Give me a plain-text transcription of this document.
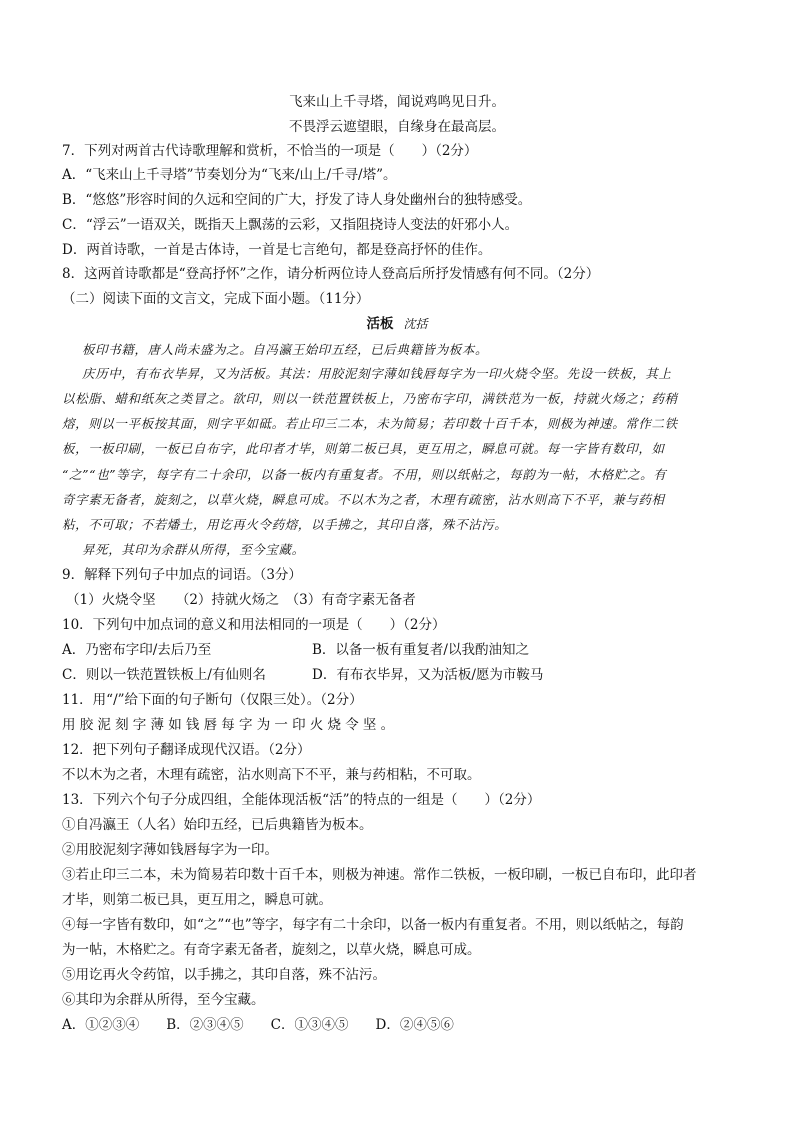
飞来山上千寻塔，闻说鸡鸣见日升。
不畏浮云遮望眼，自缘身在最高层。
7．下列对两首古代诗歌理解和赏析，不恰当的一项是（　　）（2分）
A．“飞来山上千寻塔”节奏划分为“飞来/山上/千寻/塔”。
B．“悠悠”形容时间的久远和空间的广大，抒发了诗人身处幽州台的独特感受。
C．“浮云”一语双关，既指天上飘荡的云彩，又指阻挠诗人变法的奸邪小人。
D．两首诗歌，一首是古体诗，一首是七言绝句，都是登高抒怀的佳作。
8．这两首诗歌都是“登高抒怀”之作，请分析两位诗人登高后所抒发情感有何不同。（2分）
（二）阅读下面的文言文，完成下面小题。（11分）
活板 沈括
板印书籍，唐人尚未盛为之。自冯瀛王始印五经，已后典籍皆为板本。
庆历中，有布衣毕昇，又为活板。其法：用胶泥刻字薄如钱唇每字为一印火烧令坚。先设一铁板，其上
以松脂、蜡和纸灰之类冒之。欲印，则以一铁范置铁板上，乃密布字印，满铁范为一板，持就火炀之；药稍
熔，则以一平板按其面，则字平如砥。若止印三二本，未为简易；若印数十百千本，则极为神速。常作二铁
板，一板印刷，一板已自布字，此印者才毕，则第二板已具，更互用之，瞬息可就。每一字皆有数印，如
“之”“也”等字，每字有二十余印，以备一板内有重复者。不用，则以纸帖之，每韵为一帖，木格贮之。有
奇字素无备者，旋刻之，以草火烧，瞬息可成。不以木为之者，木理有疏密，沾水则高下不平，兼与药相
粘，不可取；不若燔土，用讫再火令药熔，以手拂之，其印自落，殊不沾污。
昇死，其印为余群从所得，至今宝藏。
9．解释下列句子中加点的词语。（3分）
（1）火烧令坚　　（2）持就火炀之　（3）有奇字素无备者
10．下列句中加点词的意义和用法相同的一项是（　　）（2分）
A．乃密布字印/去后乃至	B．以备一板有重复者/以我酌油知之
C．则以一铁范置铁板上/有仙则名	D．有布衣毕昇，又为活板/愿为市鞍马
11．用“/”给下面的句子断句（仅限三处）。（2分）
用胶泥刻字薄如钱唇每字为一印火烧令坚。
12．把下列句子翻译成现代汉语。（2分）
不以木为之者，木理有疏密，沾水则高下不平，兼与药相粘，不可取。
13．下列六个句子分成四组，全能体现活板“活”的特点的一组是（　　）（2分）
①自冯瀛王（人名）始印五经，已后典籍皆为板本。
②用胶泥刻字薄如钱唇每字为一印。
③若止印三二本，未为简易若印数十百千本，则极为神速。常作二铁板，一板印刷，一板已自布印，此印者
才毕，则第二板已具，更互用之，瞬息可就。
④每一字皆有数印，如“之”“也”等字，每字有二十余印，以备一板内有重复者。不用，则以纸帖之，每韵
为一帖，木格贮之。有奇字素无备者，旋刻之，以草火烧，瞬息可成。
⑤用讫再火令药馆，以手拂之，其印自落，殊不沾污。
⑥其印为余群从所得，至今宝藏。
A．①②③④　　B．②③④⑤　　C．①③④⑤　　D．②④⑤⑥
